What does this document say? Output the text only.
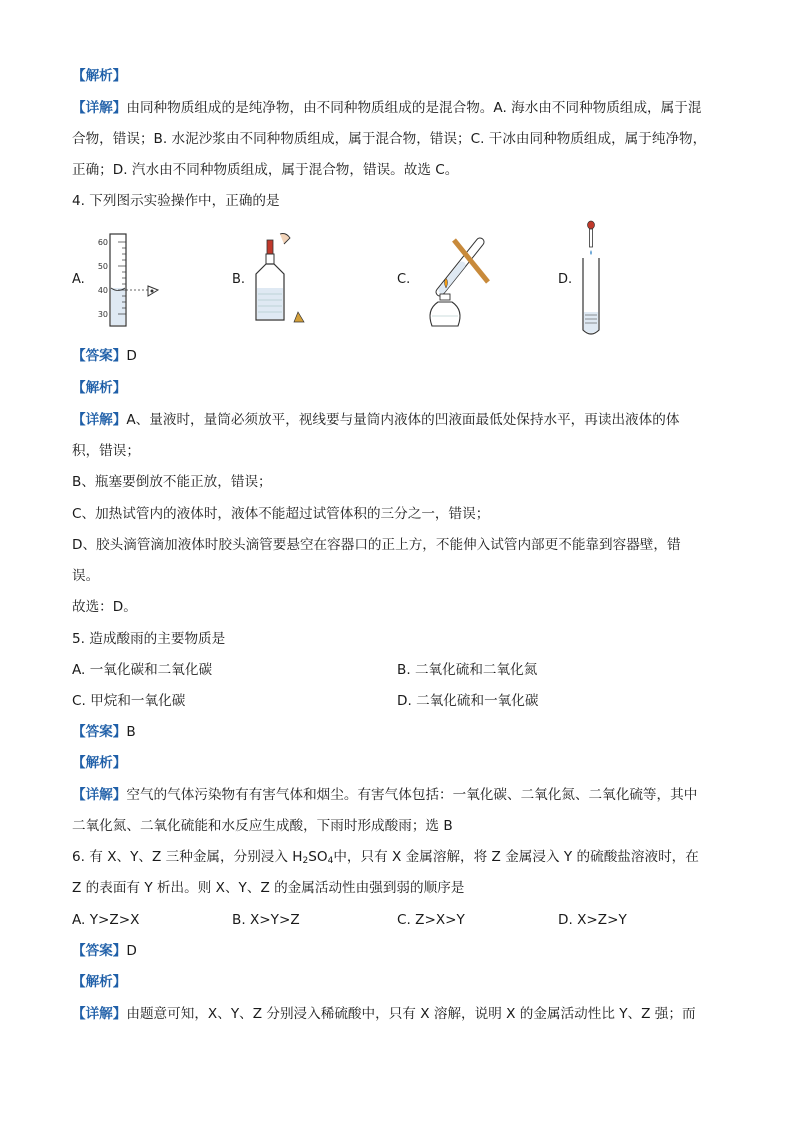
【解析】
【详解】由同种物质组成的是纯净物，由不同种物质组成的是混合物。A. 海水由不同种物质组成，属于混
合物，错误；B. 水泥沙浆由不同种物质组成，属于混合物，错误；C. 干冰由同种物质组成，属于纯净物，
正确；D. 汽水由不同种物质组成，属于混合物，错误。故选 C。
4. 下列图示实验操作中，正确的是
A.	B.	C.	D.
60
50
40
30
【答案】D
【解析】
【详解】A、量液时，量筒必须放平，视线要与量筒内液体的凹液面最低处保持水平，再读出液体的体
积，错误；
B、瓶塞要倒放不能正放，错误；
C、加热试管内的液体时，液体不能超过试管体积的三分之一，错误；
D、胶头滴管滴加液体时胶头滴管要悬空在容器口的正上方，不能伸入试管内部更不能靠到容器壁，错
误。
故选：D。
5. 造成酸雨的主要物质是
A. 一氧化碳和二氧化碳	B. 二氧化硫和二氧化氮
C. 甲烷和一氧化碳	D. 二氧化硫和一氧化碳
【答案】B
【解析】
【详解】空气的气体污染物有有害气体和烟尘。有害气体包括：一氧化碳、二氧化氮、二氧化硫等，其中
二氧化氮、二氧化硫能和水反应生成酸，下雨时形成酸雨；选 B
6. 有 X、Y、Z 三种金属，分别浸入 $H_2SO_4$中，只有 X 金属溶解，将 Z 金属浸入 Y 的硫酸盐溶液时，在
Z 的表面有 Y 析出。则 X、Y、Z 的金属活动性由强到弱的顺序是
A. Y>Z>X	B. X>Y>Z	C. Z>X>Y	D. X>Z>Y
【答案】D
【解析】
【详解】由题意可知，X、Y、Z 分别浸入稀硫酸中，只有 X 溶解，说明 X 的金属活动性比 Y、Z 强；而
